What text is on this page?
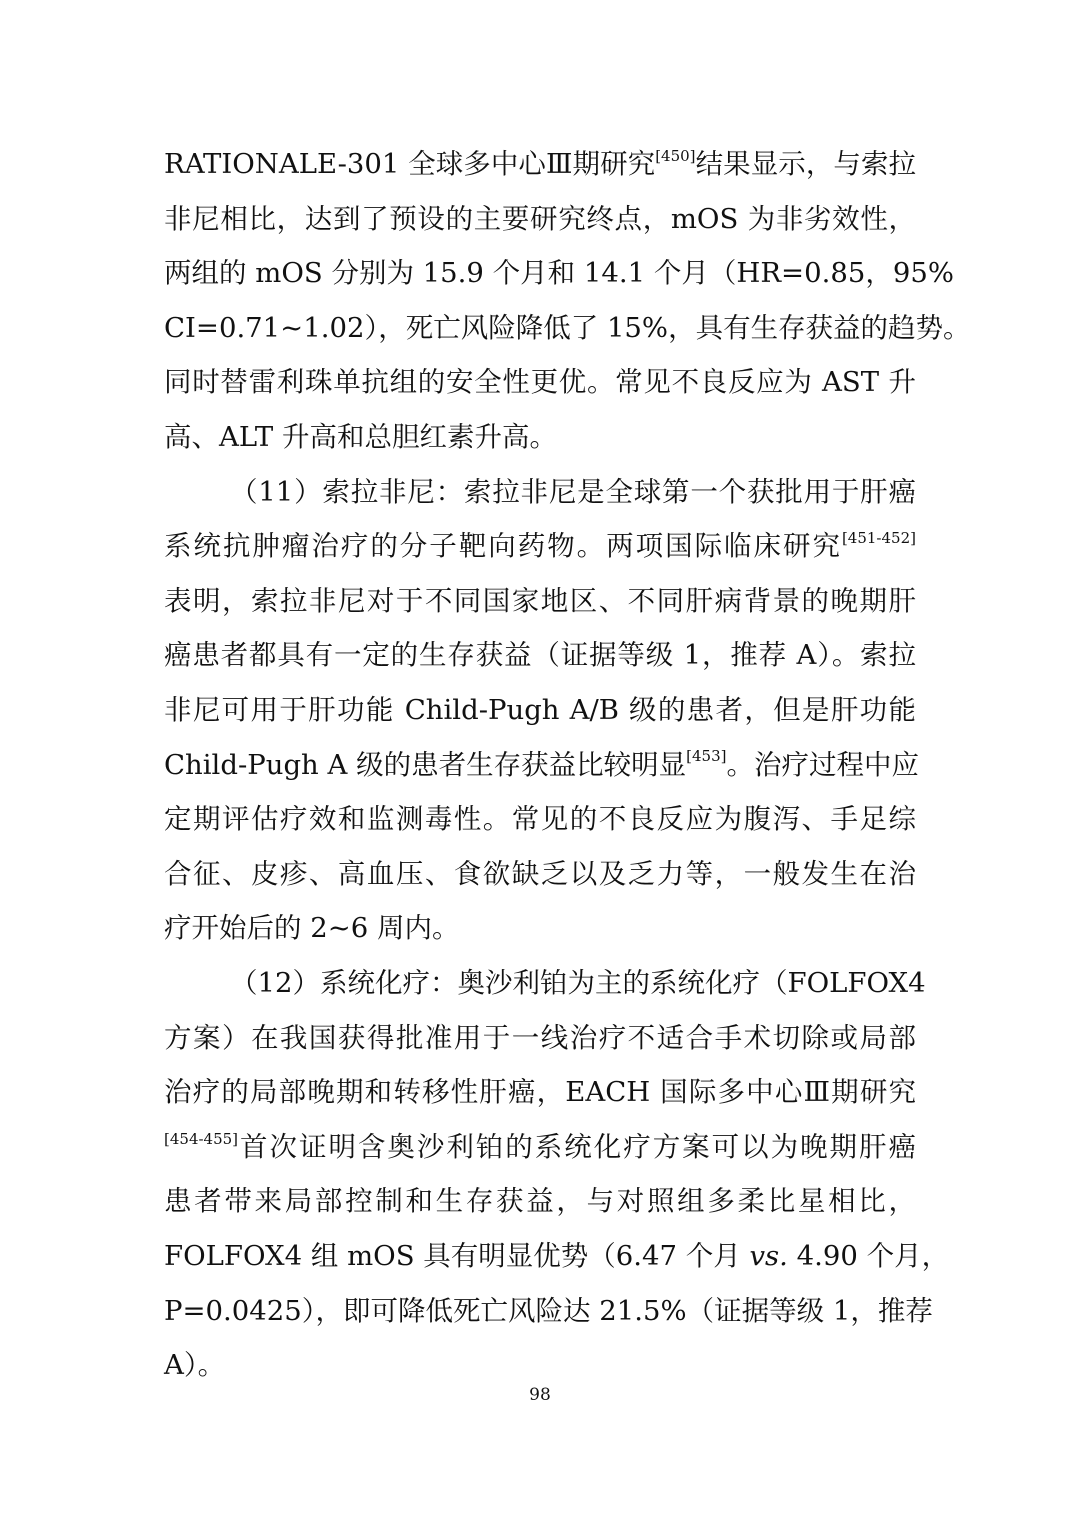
RATIONALE-301 全球多中心Ⅲ期研究[450]结果显示，与索拉
非尼相比，达到了预设的主要研究终点，mOS 为非劣效性，
两组的 mOS 分别为 15.9 个月和 14.1 个月（HR=0.85，95%
CI=0.71~1.02），死亡风险降低了 15%，具有生存获益的趋势。
同时替雷利珠单抗组的安全性更优。常见不良反应为 AST 升
高、ALT 升高和总胆红素升高。
（11）索拉非尼：索拉非尼是全球第一个获批用于肝癌
系统抗肿瘤治疗的分子靶向药物。两项国际临床研究[451-452]
表明，索拉非尼对于不同国家地区、不同肝病背景的晚期肝
癌患者都具有一定的生存获益（证据等级 1，推荐 A）。索拉
非尼可用于肝功能 Child-Pugh A/B 级的患者，但是肝功能
Child-Pugh A 级的患者生存获益比较明显[453]。治疗过程中应
定期评估疗效和监测毒性。常见的不良反应为腹泻、手足综
合征、皮疹、高血压、食欲缺乏以及乏力等，一般发生在治
疗开始后的 2~6 周内。
（12）系统化疗：奥沙利铂为主的系统化疗（FOLFOX4
方案）在我国获得批准用于一线治疗不适合手术切除或局部
治疗的局部晚期和转移性肝癌，EACH 国际多中心Ⅲ期研究
[454-455]首次证明含奥沙利铂的系统化疗方案可以为晚期肝癌
患者带来局部控制和生存获益，与对照组多柔比星相比，
FOLFOX4 组 mOS 具有明显优势（6.47 个月 vs. 4.90 个月，
P=0.0425），即可降低死亡风险达 21.5%（证据等级 1，推荐
A）。
98
